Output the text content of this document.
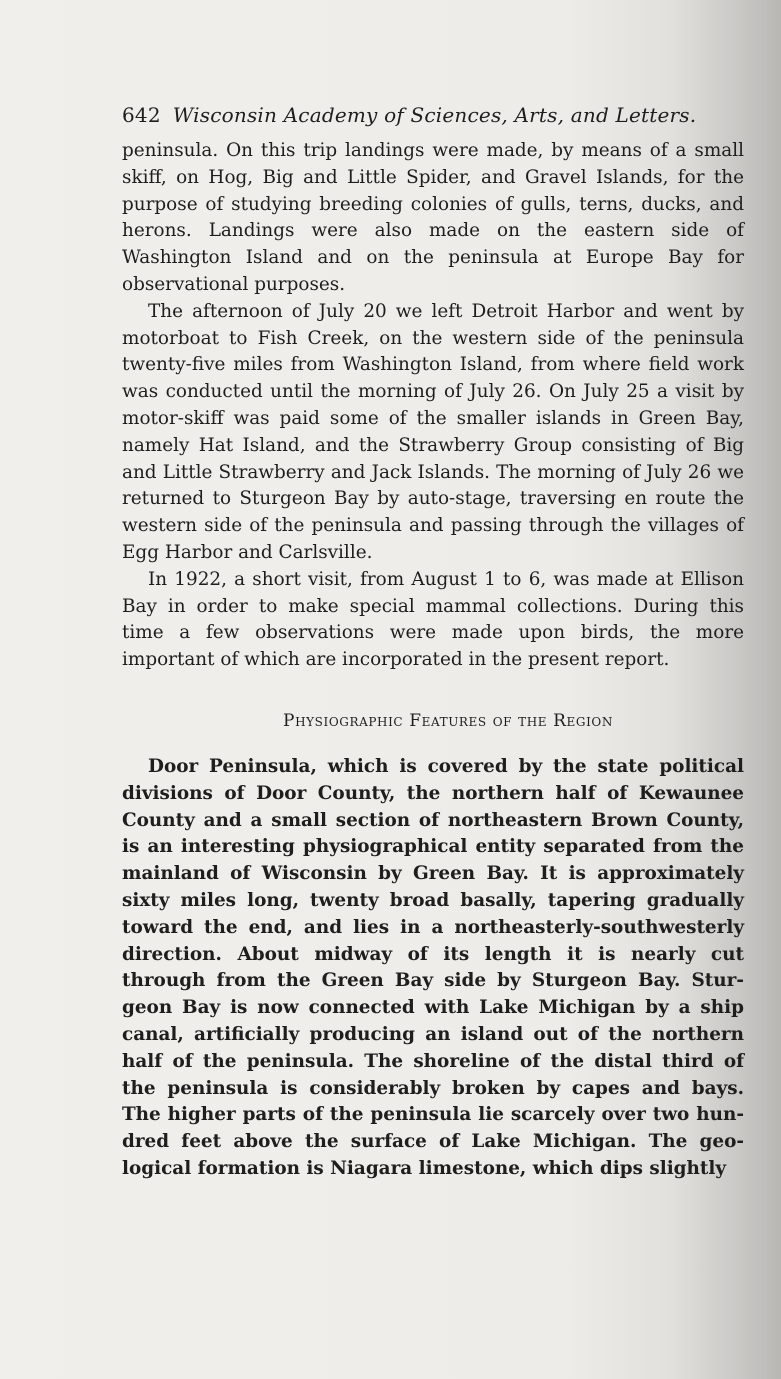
642 Wisconsin Academy of Sciences, Arts, and Letters.

peninsula. On this trip landings were made, by means of a small skiff, on Hog, Big and Little Spider, and Gravel Islands, for the purpose of studying breeding colonies of gulls, terns, ducks, and herons. Landings were also made on the eastern side of Washington Island and on the peninsula at Europe Bay for observational purposes.

The afternoon of July 20 we left Detroit Harbor and went by motorboat to Fish Creek, on the western side of the peninsula twenty-five miles from Washington Island, from where field work was conducted until the morning of July 26. On July 25 a visit by motor-skiff was paid some of the smaller islands in Green Bay, namely Hat Island, and the Strawberry Group consisting of Big and Little Strawberry and Jack Islands. The morning of July 26 we returned to Sturgeon Bay by auto-stage, traversing en route the western side of the peninsula and passing through the villages of Egg Harbor and Carlsville.

In 1922, a short visit, from August 1 to 6, was made at Ellison Bay in order to make special mammal collections. During this time a few observations were made upon birds, the more important of which are incorporated in the present report.

Physiographic Features of the Region

Door Peninsula, which is covered by the state political divisions of Door County, the northern half of Kewaunee County and a small section of northeastern Brown County, is an interesting physiographical entity separated from the mainland of Wisconsin by Green Bay. It is approximately sixty miles long, twenty broad basally, tapering gradually toward the end, and lies in a northeasterly-southwesterly direction. About midway of its length it is nearly cut through from the Green Bay side by Sturgeon Bay. Sturgeon Bay is now connected with Lake Michigan by a ship canal, artificially producing an island out of the northern half of the peninsula. The shoreline of the distal third of the peninsula is considerably broken by capes and bays. The higher parts of the peninsula lie scarcely over two hundred feet above the surface of Lake Michigan. The geological formation is Niagara limestone, which dips slightly
